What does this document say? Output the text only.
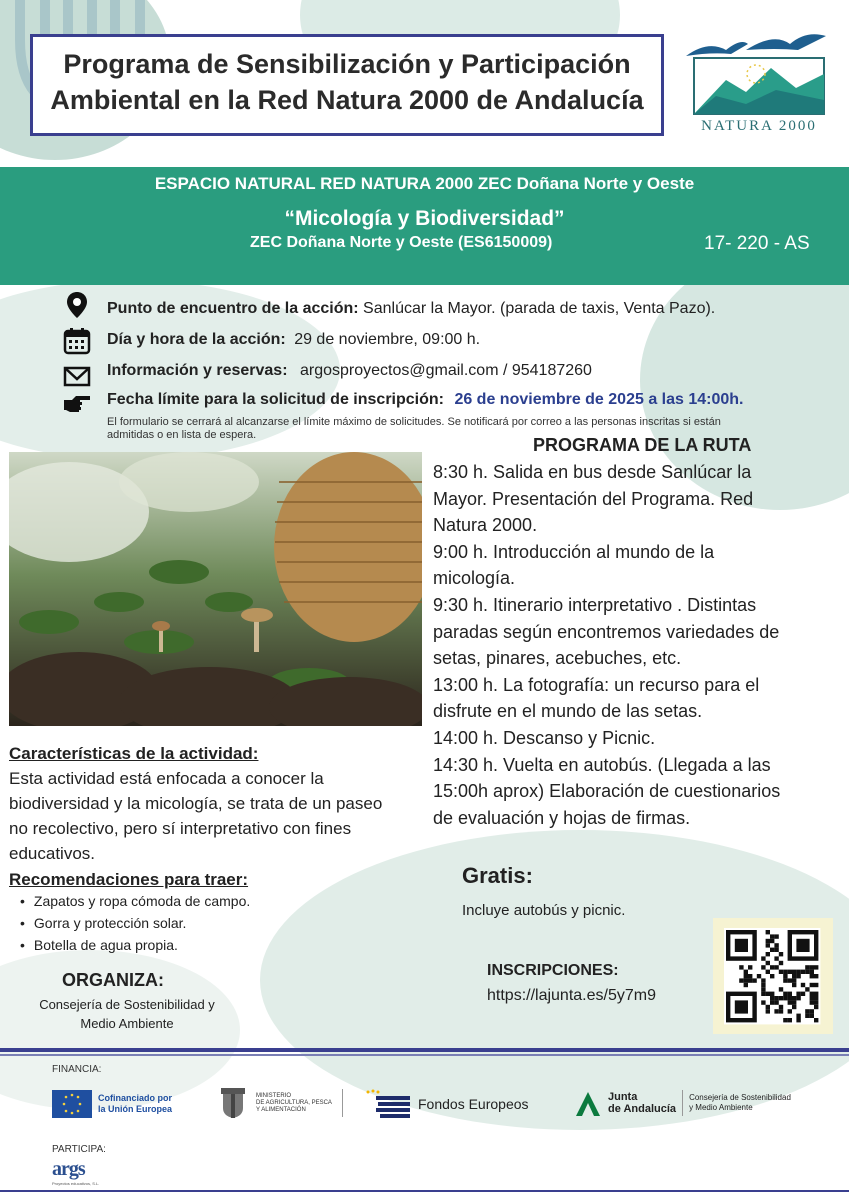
Programa de Sensibilización y Participación
Ambiental en la Red Natura 2000 de Andalucía
NATURA 2000
ESPACIO NATURAL RED NATURA 2000 ZEC Doñana Norte y Oeste
“Micología y Biodiversidad”
ZEC Doñana Norte y Oeste (ES6150009)	17- 220 - AS
Punto de encuentro de la acción: Sanlúcar la Mayor. (parada de taxis, Venta Pazo).
Día y hora de la acción: 29 de noviembre, 09:00 h.
Información y reservas: argosproyectos@gmail.com / 954187260
Fecha límite para la solicitud de inscripción: 26 de noviembre de 2025 a las 14:00h.
El formulario se cerrará al alcanzarse el límite máximo de solicitudes. Se notificará por correo a las personas inscritas si están
admitidas o en lista de espera.	PROGRAMA DE LA RUTA
8:30 h. Salida en bus desde Sanlúcar la
Mayor. Presentación del Programa. Red
Natura 2000.
9:00 h. Introducción al mundo de la
micología.
9:30 h. Itinerario interpretativo . Distintas
paradas según encontremos variedades de
setas, pinares, acebuches, etc.
13:00 h. La fotografía: un recurso para el
disfrute en el mundo de las setas.
14:00 h. Descanso y Picnic.
14:30 h. Vuelta en autobús. (Llegada a las
15:00h aprox) Elaboración de cuestionarios
de evaluación y hojas de firmas.
Características de la actividad:
Esta actividad está enfocada a conocer la
biodiversidad y la micología, se trata de un paseo
no recolectivo, pero sí interpretativo con fines
educativos.
Recomendaciones para traer:
• Zapatos y ropa cómoda de campo.
• Gorra y protección solar.
• Botella de agua propia.
ORGANIZA:
Consejería de Sostenibilidad y
Medio Ambiente
Gratis:
Incluye autobús y picnic.
INSCRIPCIONES:
https://lajunta.es/5y7m9
FINANCIA:
Cofinanciado por
la Unión Europea
MINISTERIO
DE AGRICULTURA, PESCA
Y ALIMENTACIÓN	Fondos Europeos	Junta
de Andalucía
Consejería de Sostenibilidad
y Medio Ambiente
PARTICIPA:
args
Proyectos educativos, S.L.
